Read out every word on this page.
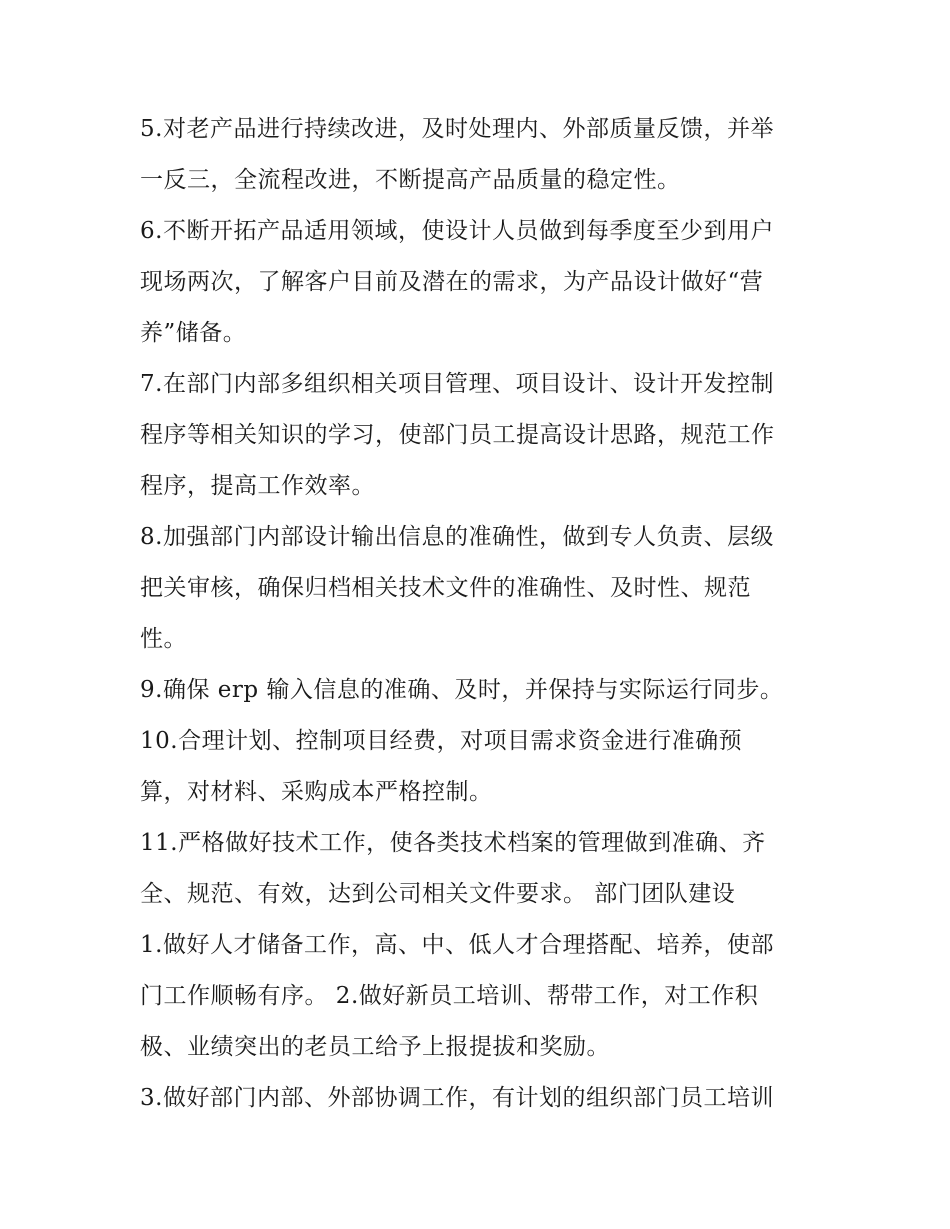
5.对老产品进行持续改进，及时处理内、外部质量反馈，并举
一反三，全流程改进，不断提高产品质量的稳定性。
6.不断开拓产品适用领域，使设计人员做到每季度至少到用户
现场两次，了解客户目前及潜在的需求，为产品设计做好“营
养”储备。
7.在部门内部多组织相关项目管理、项目设计、设计开发控制
程序等相关知识的学习，使部门员工提高设计思路，规范工作
程序，提高工作效率。
8.加强部门内部设计输出信息的准确性，做到专人负责、层级
把关审核，确保归档相关技术文件的准确性、及时性、规范
性。
9.确保 erp 输入信息的准确、及时，并保持与实际运行同步。
10.合理计划、控制项目经费，对项目需求资金进行准确预
算，对材料、采购成本严格控制。
11.严格做好技术工作，使各类技术档案的管理做到准确、齐
全、规范、有效，达到公司相关文件要求。 部门团队建设
1.做好人才储备工作，高、中、低人才合理搭配、培养，使部
门工作顺畅有序。 2.做好新员工培训、帮带工作，对工作积
极、业绩突出的老员工给予上报提拔和奖励。
3.做好部门内部、外部协调工作，有计划的组织部门员工培训
